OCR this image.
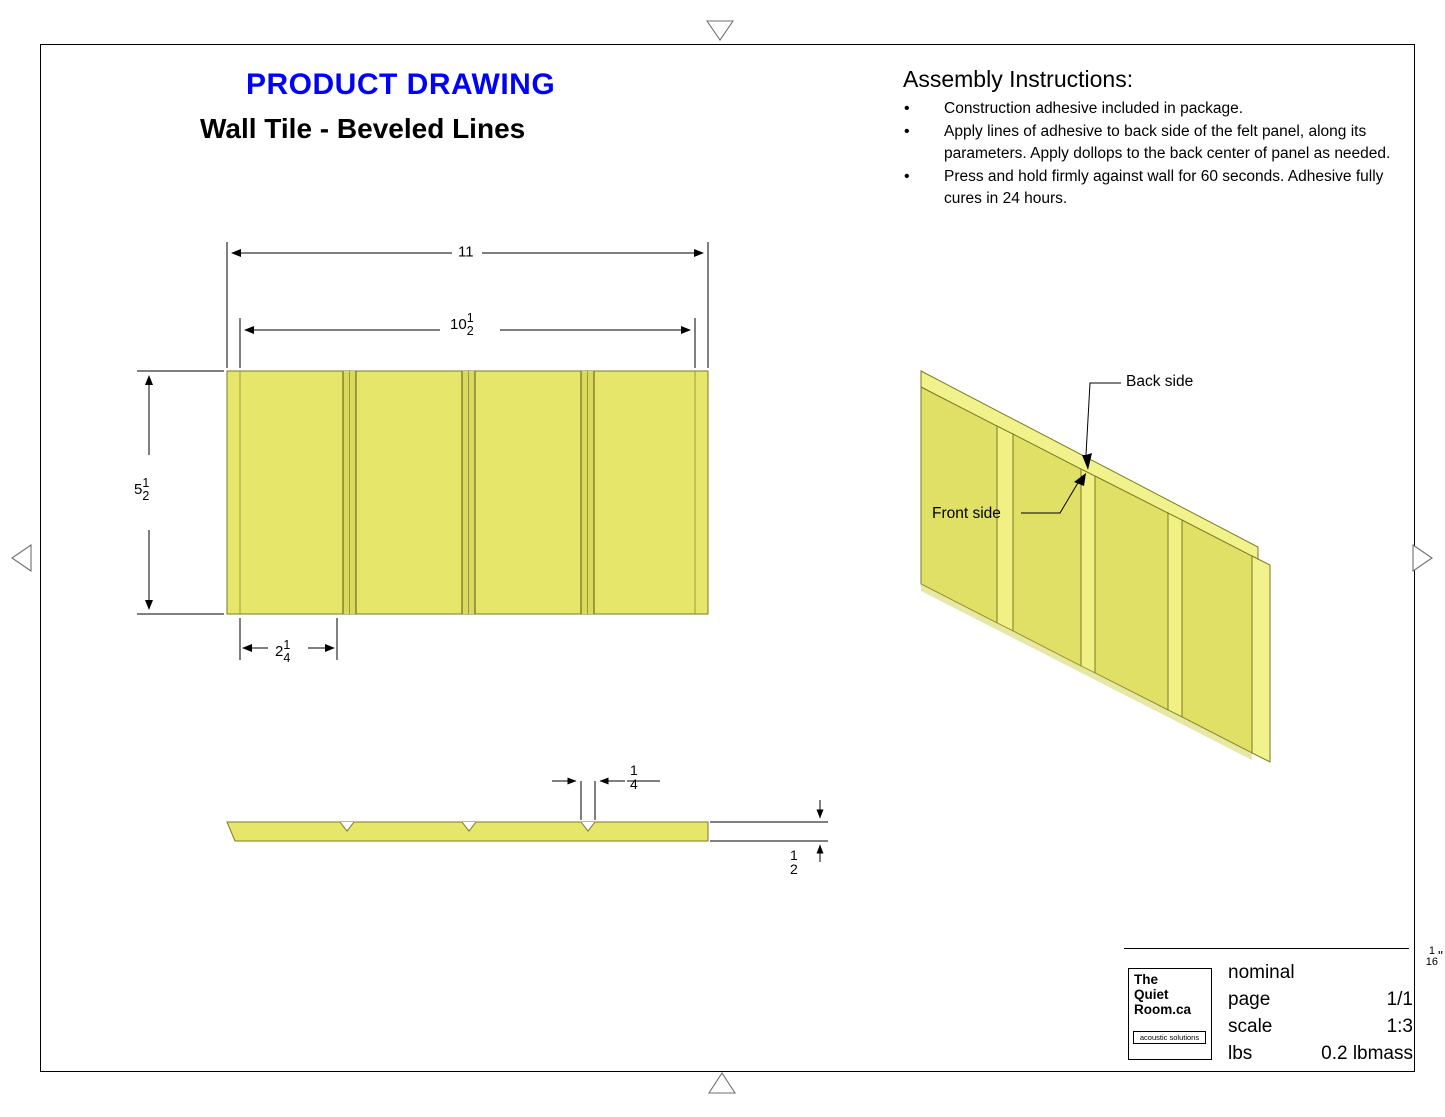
PRODUCT DRAWING
Wall Tile - Beveled Lines
Assembly Instructions:
• Construction adhesive included in package.
• Apply lines of adhesive to back side of the felt panel, along its parameters. Apply dollops to the back center of panel as needed.
• Press and hold firmly against wall for 60 seconds. Adhesive fully cures in 24 hours.
11
10 1
2
5 1
2
2 1
4
1
4
1
2
Back side
Front side
1
16 "
The
Quiet
Room.ca
acoustic solutions
nominal
page	1/1
scale	1:3
lbs	0.2 lbmass
